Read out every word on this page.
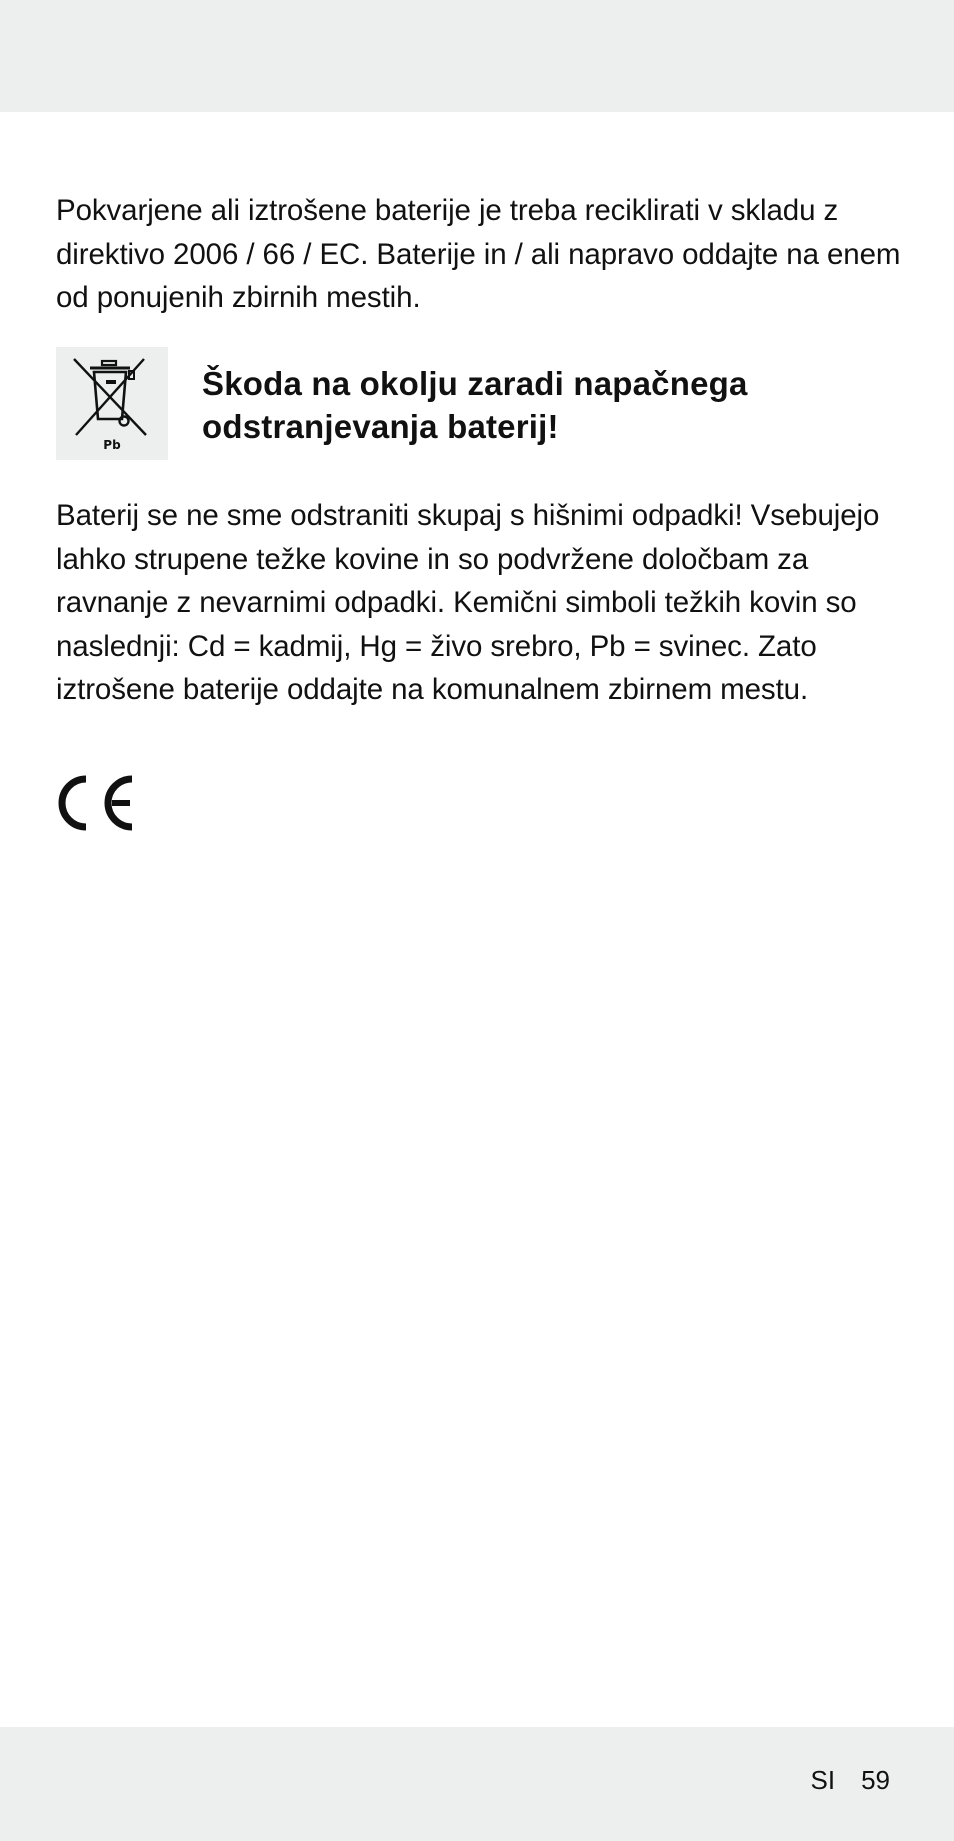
Pokvarjene ali iztrošene baterije je treba reciklirati v skladu z direktivo 2006 / 66 / EC. Baterije in / ali napravo oddajte na enem od ponujenih zbirnih mestih.

Pb
Škoda na okolju zaradi napačnega odstranjevanja baterij!

Baterij se ne sme odstraniti skupaj s hišnimi odpadki! Vsebujejo lahko strupene težke kovine in so podvržene določbam za ravnanje z nevarnimi odpadki. Kemični simboli težkih kovin so naslednji: Cd = kadmij, Hg = živo srebro, Pb = svinec. Zato iztrošene baterije oddajte na komunalnem zbirnem mestu.

SI 59
